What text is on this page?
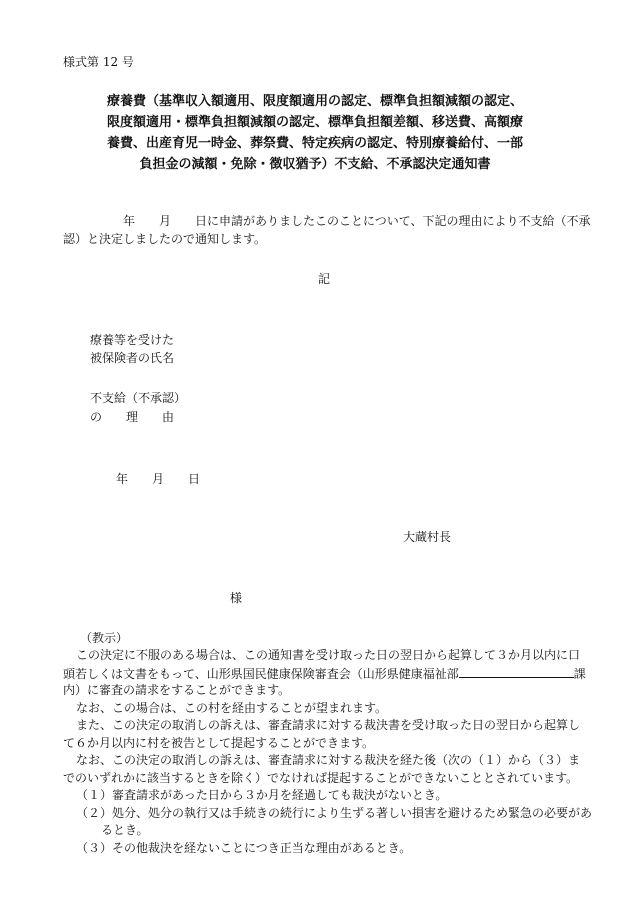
様式第 12 号
療養費（基準収入額適用、限度額適用の認定、標準負担額減額の認定、
限度額適用・標準負担額減額の認定、標準負担額差額、移送費、高額療
養費、出産育児一時金、葬祭費、特定疾病の認定、特別療養給付、一部
負担金の減額・免除・徴収猶予）不支給、不承認決定通知書
年　　月　　日に申請がありましたこのことについて、下記の理由により不支給（不承
認）と決定しましたので通知します。
記
療養等を受けた
被保険者の氏名
不支給（不承認）
の　　理　　由
年　　月　　日
大蔵村長
様
（教示）
この決定に不服のある場合は、この通知書を受け取った日の翌日から起算して３か月以内に口
頭若しくは文書をもって、山形県国民健康保険審査会（山形県健康福祉部	課
内）に審査の請求をすることができます。
なお、この場合は、この村を経由することが望まれます。
また、この決定の取消しの訴えは、審査請求に対する裁決書を受け取った日の翌日から起算し
て６か月以内に村を被告として提起することができます。
なお、この決定の取消しの訴えは、審査請求に対する裁決を経た後（次の（１）から（３）ま
でのいずれかに該当するときを除く）でなければ提起することができないこととされています。
（１）審査請求があった日から３か月を経過しても裁決がないとき。
（２）処分、処分の執行又は手続きの続行により生ずる著しい損害を避けるため緊急の必要があ
るとき。
（３）その他裁決を経ないことにつき正当な理由があるとき。
